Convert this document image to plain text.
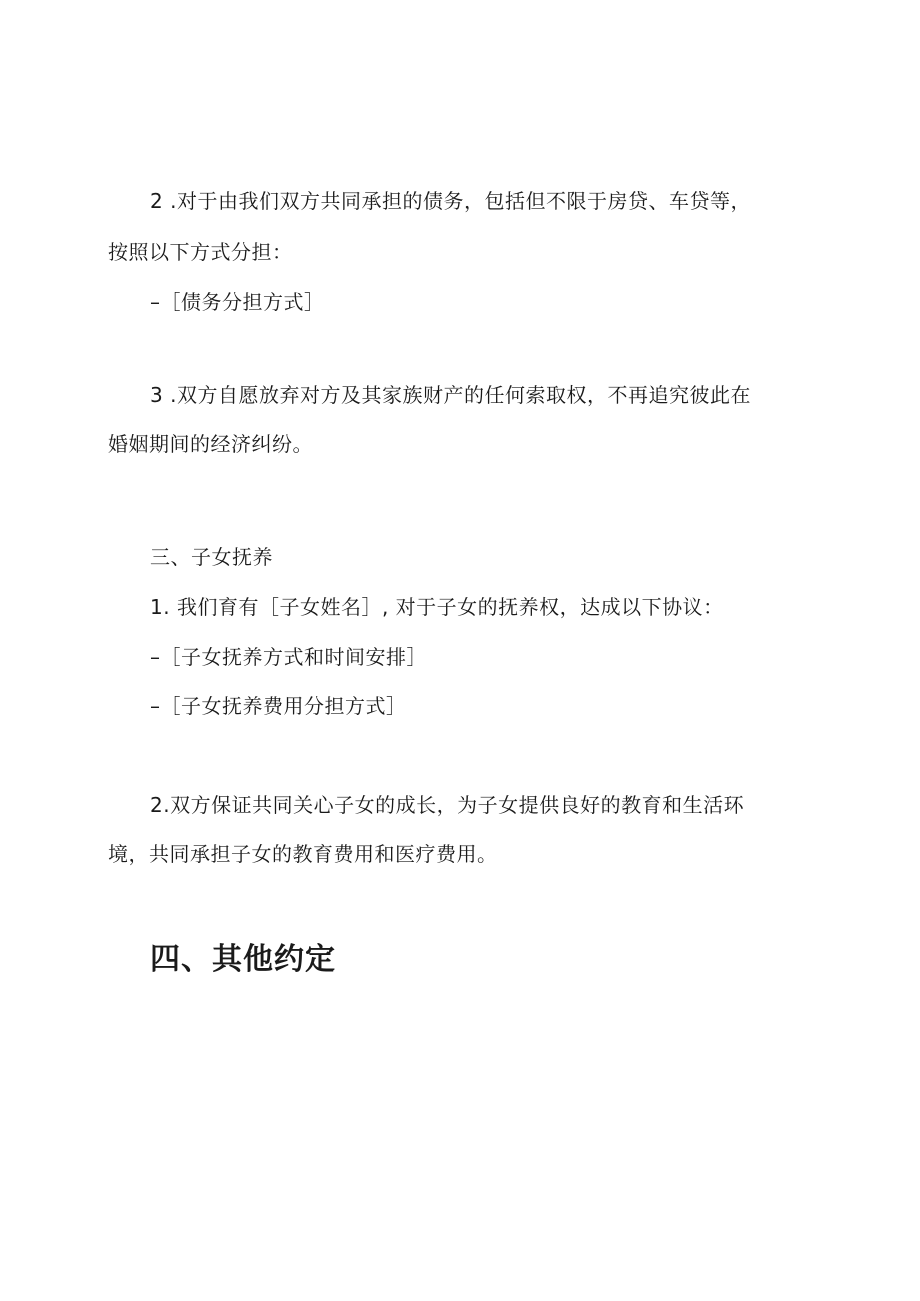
2 .对于由我们双方共同承担的债务，包括但不限于房贷、车贷等，
按照以下方式分担：
–［债务分担方式］
3 .双方自愿放弃对方及其家族财产的任何索取权，不再追究彼此在
婚姻期间的经济纠纷。
三、子女抚养
1. 我们育有［子女姓名］, 对于子女的抚养权，达成以下协议：
–［子女抚养方式和时间安排］
–［子女抚养费用分担方式］
2.双方保证共同关心子女的成长，为子女提供良好的教育和生活环
境，共同承担子女的教育费用和医疗费用。
四、其他约定
